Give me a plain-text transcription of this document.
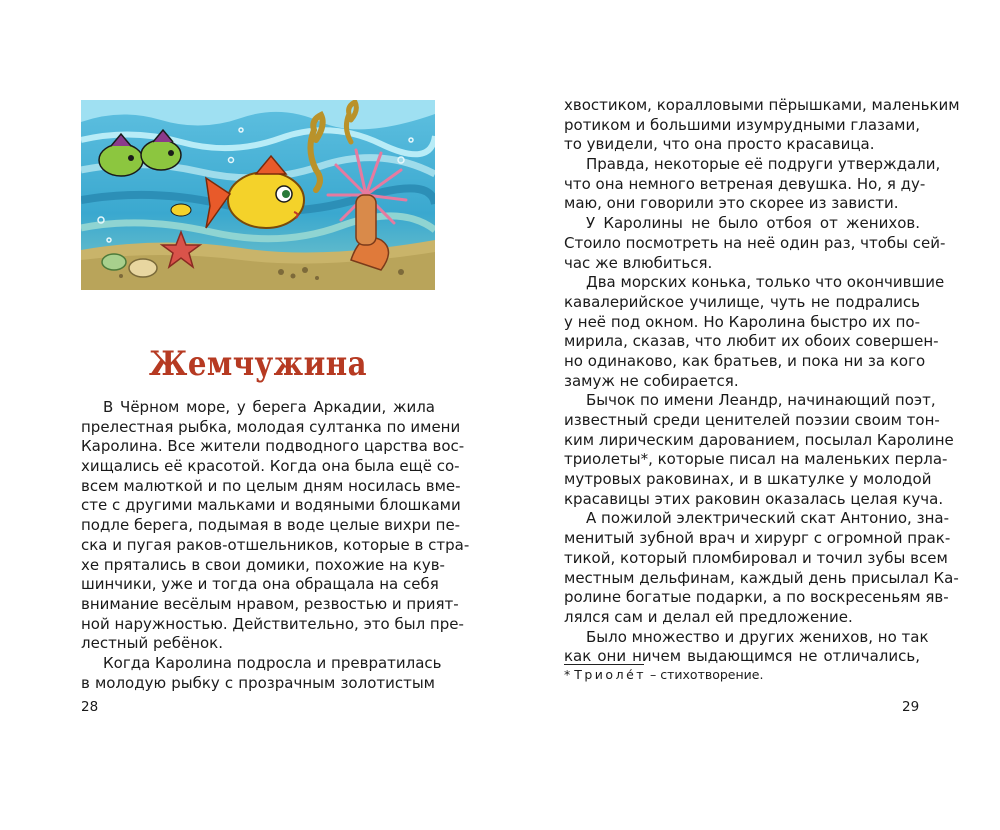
Жемчужина
В Чёрном море, у берега Аркадии, жила
прелестная рыбка, молодая султанка по имени
Каролина. Все жители подводного царства вос-
хищались её красотой. Когда она была ещё со-
всем малюткой и по целым дням носилась вме-
сте с другими мальками и водяными блошками
подле берега, подымая в воде целые вихри пе-
ска и пугая раков-отшельников, которые в стра-
хе прятались в свои домики, похожие на кув-
шинчики, уже и тогда она обращала на себя
внимание весёлым нравом, резвостью и прият-
ной наружностью. Действительно, это был пре-
лестный ребёнок.
Когда Каролина подросла и превратилась
в молодую рыбку с прозрачным золотистым
28
хвостиком, коралловыми пёрышками, маленьким
ротиком и большими изумрудными глазами,
то увидели, что она просто красавица.
Правда, некоторые её подруги утверждали,
что она немного ветреная девушка. Но, я ду-
маю, они говорили это скорее из зависти.
У Каролины не было отбоя от женихов.
Стоило посмотреть на неё один раз, чтобы сей-
час же влюбиться.
Два морских конька, только что окончившие
кавалерийское училище, чуть не подрались
у неё под окном. Но Каролина быстро их по-
мирила, сказав, что любит их обоих совершен-
но одинаково, как братьев, и пока ни за кого
замуж не собирается.
Бычок по имени Леандр, начинающий поэт,
известный среди ценителей поэзии своим тон-
ким лирическим дарованием, посылал Каролине
триолеты*, которые писал на маленьких перла-
мутровых раковинах, и в шкатулке у молодой
красавицы этих раковин оказалась целая куча.
А пожилой электрический скат Антонио, зна-
менитый зубной врач и хирург с огромной прак-
тикой, который пломбировал и точил зубы всем
местным дельфинам, каждый день присылал Ка-
ролине богатые подарки, а по воскресеньям яв-
лялся сам и делал ей предложение.
Было множество и других женихов, но так
как они ничем выдающимся не отличались,
* Триоле́т – стихотворение.
29
